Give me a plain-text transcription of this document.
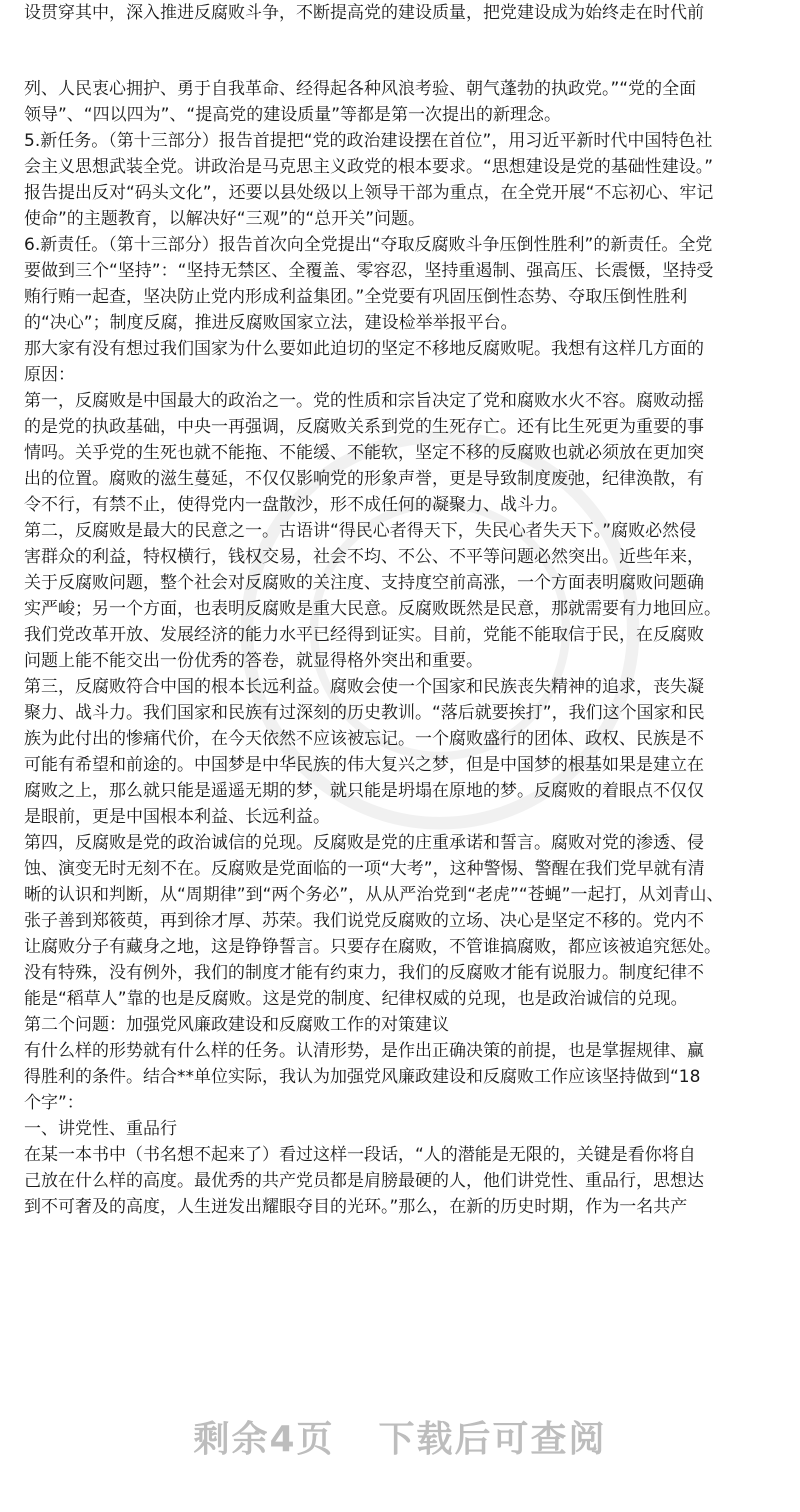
设贯穿其中，深入推进反腐败斗争，不断提高党的建设质量，把党建设成为始终走在时代前

列、人民衷心拥护、勇于自我革命、经得起各种风浪考验、朝气蓬勃的执政党。”“党的全面
领导”、“四以四为”、“提高党的建设质量”等都是第一次提出的新理念。
5.新任务。（第十三部分）报告首提把“党的政治建设摆在首位”，用习近平新时代中国特色社
会主义思想武装全党。讲政治是马克思主义政党的根本要求。“思想建设是党的基础性建设。”
报告提出反对“码头文化”，还要以县处级以上领导干部为重点，在全党开展“不忘初心、牢记
使命”的主题教育，以解决好“三观”的“总开关”问题。
6.新责任。（第十三部分）报告首次向全党提出“夺取反腐败斗争压倒性胜利”的新责任。全党
要做到三个“坚持”：“坚持无禁区、全覆盖、零容忍，坚持重遏制、强高压、长震慑，坚持受
贿行贿一起查，坚决防止党内形成利益集团。”全党要有巩固压倒性态势、夺取压倒性胜利
的“决心”；制度反腐，推进反腐败国家立法，建设检举举报平台。
那大家有没有想过我们国家为什么要如此迫切的坚定不移地反腐败呢。我想有这样几方面的
原因：
第一，反腐败是中国最大的政治之一。党的性质和宗旨决定了党和腐败水火不容。腐败动摇
的是党的执政基础，中央一再强调，反腐败关系到党的生死存亡。还有比生死更为重要的事
情吗。关乎党的生死也就不能拖、不能缓、不能软，坚定不移的反腐败也就必须放在更加突
出的位置。腐败的滋生蔓延，不仅仅影响党的形象声誉，更是导致制度废弛，纪律涣散，有
令不行，有禁不止，使得党内一盘散沙，形不成任何的凝聚力、战斗力。
第二，反腐败是最大的民意之一。古语讲“得民心者得天下，失民心者失天下。”腐败必然侵
害群众的利益，特权横行，钱权交易，社会不均、不公、不平等问题必然突出。近些年来，
关于反腐败问题，整个社会对反腐败的关注度、支持度空前高涨，一个方面表明腐败问题确
实严峻；另一个方面，也表明反腐败是重大民意。反腐败既然是民意，那就需要有力地回应。
我们党改革开放、发展经济的能力水平已经得到证实。目前，党能不能取信于民，在反腐败
问题上能不能交出一份优秀的答卷，就显得格外突出和重要。
第三，反腐败符合中国的根本长远利益。腐败会使一个国家和民族丧失精神的追求，丧失凝
聚力、战斗力。我们国家和民族有过深刻的历史教训。“落后就要挨打”，我们这个国家和民
族为此付出的惨痛代价，在今天依然不应该被忘记。一个腐败盛行的团体、政权、民族是不
可能有希望和前途的。中国梦是中华民族的伟大复兴之梦，但是中国梦的根基如果是建立在
腐败之上，那么就只能是遥遥无期的梦，就只能是坍塌在原地的梦。反腐败的着眼点不仅仅
是眼前，更是中国根本利益、长远利益。
第四，反腐败是党的政治诚信的兑现。反腐败是党的庄重承诺和誓言。腐败对党的渗透、侵
蚀、演变无时无刻不在。反腐败是党面临的一项“大考”，这种警惕、警醒在我们党早就有清
晰的认识和判断，从“周期律”到“两个务必”，从从严治党到“老虎”“苍蝇”一起打，从刘青山、
张子善到郑筱萸，再到徐才厚、苏荣。我们说党反腐败的立场、决心是坚定不移的。党内不
让腐败分子有藏身之地，这是铮铮誓言。只要存在腐败，不管谁搞腐败，都应该被追究惩处。
没有特殊，没有例外，我们的制度才能有约束力，我们的反腐败才能有说服力。制度纪律不
能是“稻草人”靠的也是反腐败。这是党的制度、纪律权威的兑现，也是政治诚信的兑现。
第二个问题：加强党风廉政建设和反腐败工作的对策建议
有什么样的形势就有什么样的任务。认清形势，是作出正确决策的前提，也是掌握规律、赢
得胜利的条件。结合**单位实际，我认为加强党风廉政建设和反腐败工作应该坚持做到“18
个字”：
一、讲党性、重品行
在某一本书中（书名想不起来了）看过这样一段话，“人的潜能是无限的，关键是看你将自
己放在什么样的高度。最优秀的共产党员都是肩膀最硬的人，他们讲党性、重品行，思想达
到不可奢及的高度，人生迸发出耀眼夺目的光环。”那么，在新的历史时期，作为一名共产
剩余4页 下载后可查阅
